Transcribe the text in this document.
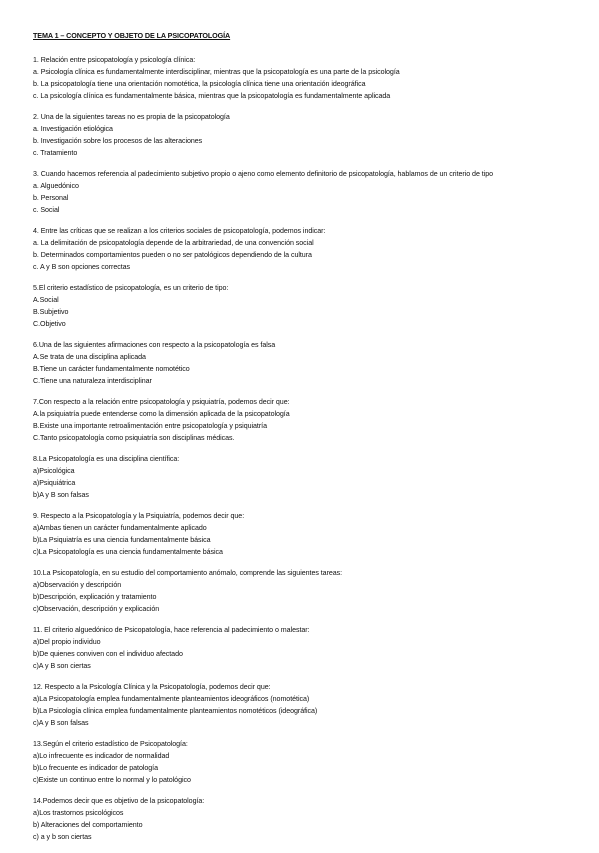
TEMA 1 – CONCEPTO Y OBJETO DE LA PSICOPATOLOGÍA
1. Relación entre psicopatología y psicología clínica:
a. Psicología clínica es fundamentalmente interdisciplinar, mientras que la psicopatología es una parte de la psicología
b. La psicopatología tiene una orientación nomotética, la psicología clínica tiene una orientación ideográfica
c. La psicología clínica es fundamentalmente básica, mientras que la psicopatología es fundamentalmente aplicada
2. Una de la siguientes tareas no es propia de la psicopatología
a. Investigación etiológica
b. Investigación sobre los procesos de las alteraciones
c. Tratamiento
3. Cuando hacemos referencia al padecimiento subjetivo propio o ajeno como elemento definitorio de psicopatología, hablamos de un criterio de tipo
a. Alguedónico
b. Personal
c. Social
4. Entre las críticas que se realizan a los criterios sociales de psicopatología, podemos indicar:
a. La delimitación de psicopatología depende de la arbitrariedad, de una convención social
b. Determinados comportamientos pueden o no ser patológicos dependiendo de la cultura
c. A y B son opciones correctas
5.El criterio estadístico de psicopatología, es un criterio de tipo:
A.Social
B.Subjetivo
C.Objetivo
6.Una de las siguientes afirmaciones con respecto a la psicopatología es falsa
A.Se trata de una disciplina aplicada
B.Tiene un carácter fundamentalmente nomotético
C.Tiene una naturaleza interdisciplinar
7.Con respecto a la relación entre psicopatología y psiquiatría, podemos decir que:
A.la psiquiatría puede entenderse como la dimensión aplicada de la psicopatología
B.Existe una importante retroalimentación entre psicopatología y psiquiatría
C.Tanto psicopatología como psiquiatría son disciplinas médicas.
8.La Psicopatología es una disciplina científica:
a)Psicológica
a)Psiquiátrica
b)A y B son falsas
9. Respecto a la Psicopatología y la Psiquiatría, podemos decir que:
a)Ambas tienen un carácter fundamentalmente aplicado
b)La Psiquiatría es una ciencia fundamentalmente básica
c)La Psicopatología es una ciencia fundamentalmente básica
10.La Psicopatología, en su estudio del comportamiento anómalo, comprende las siguientes tareas:
a)Observación y descripción
b)Descripción, explicación y tratamiento
c)Observación, descripción y explicación
11. El criterio alguedónico de Psicopatología, hace referencia al padecimiento o malestar:
a)Del propio individuo
b)De quienes conviven con el individuo afectado
c)A y B son ciertas
12. Respecto a la Psicología Clínica y la Psicopatología, podemos decir que:
a)La Psicopatología emplea fundamentalmente planteamientos ideográficos (nomotética)
b)La Psicología clínica emplea fundamentalmente planteamientos nomotéticos (ideográfica)
c)A y B son falsas
13.Según el criterio estadístico de Psicopatología:
a)Lo infrecuente es indicador de normalidad
b)Lo frecuente es indicador de patología
c)Existe un continuo entre lo normal y lo patológico
14.Podemos decir que es objetivo de la psicopatología:
a)Los trastornos psicológicos
b) Alteraciones del comportamiento
c) a y b son ciertas
